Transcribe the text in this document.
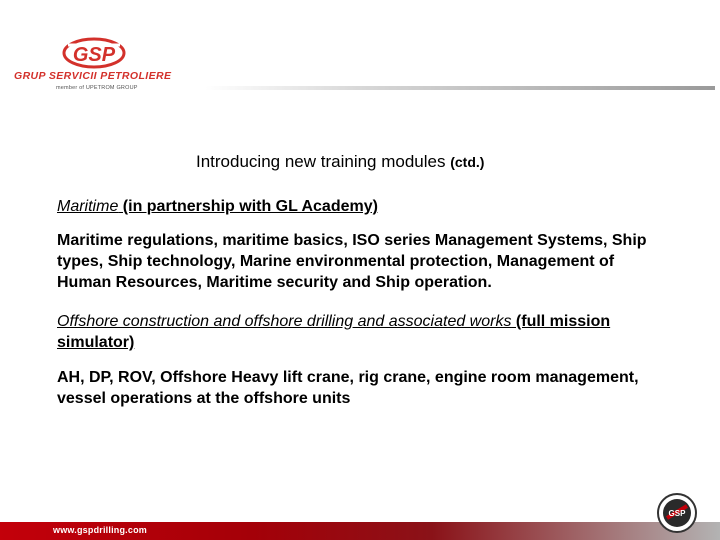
GSP
GRUP SERVICII PETROLIERE
member of UPETROM GROUP
Introducing new training modules (ctd.)

Maritime (in partnership with GL Academy)

Maritime regulations, maritime basics, ISO series Management Systems, Ship types, Ship technology, Marine environmental protection, Management of Human Resources, Maritime security and Ship operation.

Offshore construction and offshore drilling and associated works (full mission simulator)

AH, DP, ROV, Offshore Heavy lift crane, rig crane, engine room management, vessel operations at the offshore units

www.gspdrilling.com
GSP
